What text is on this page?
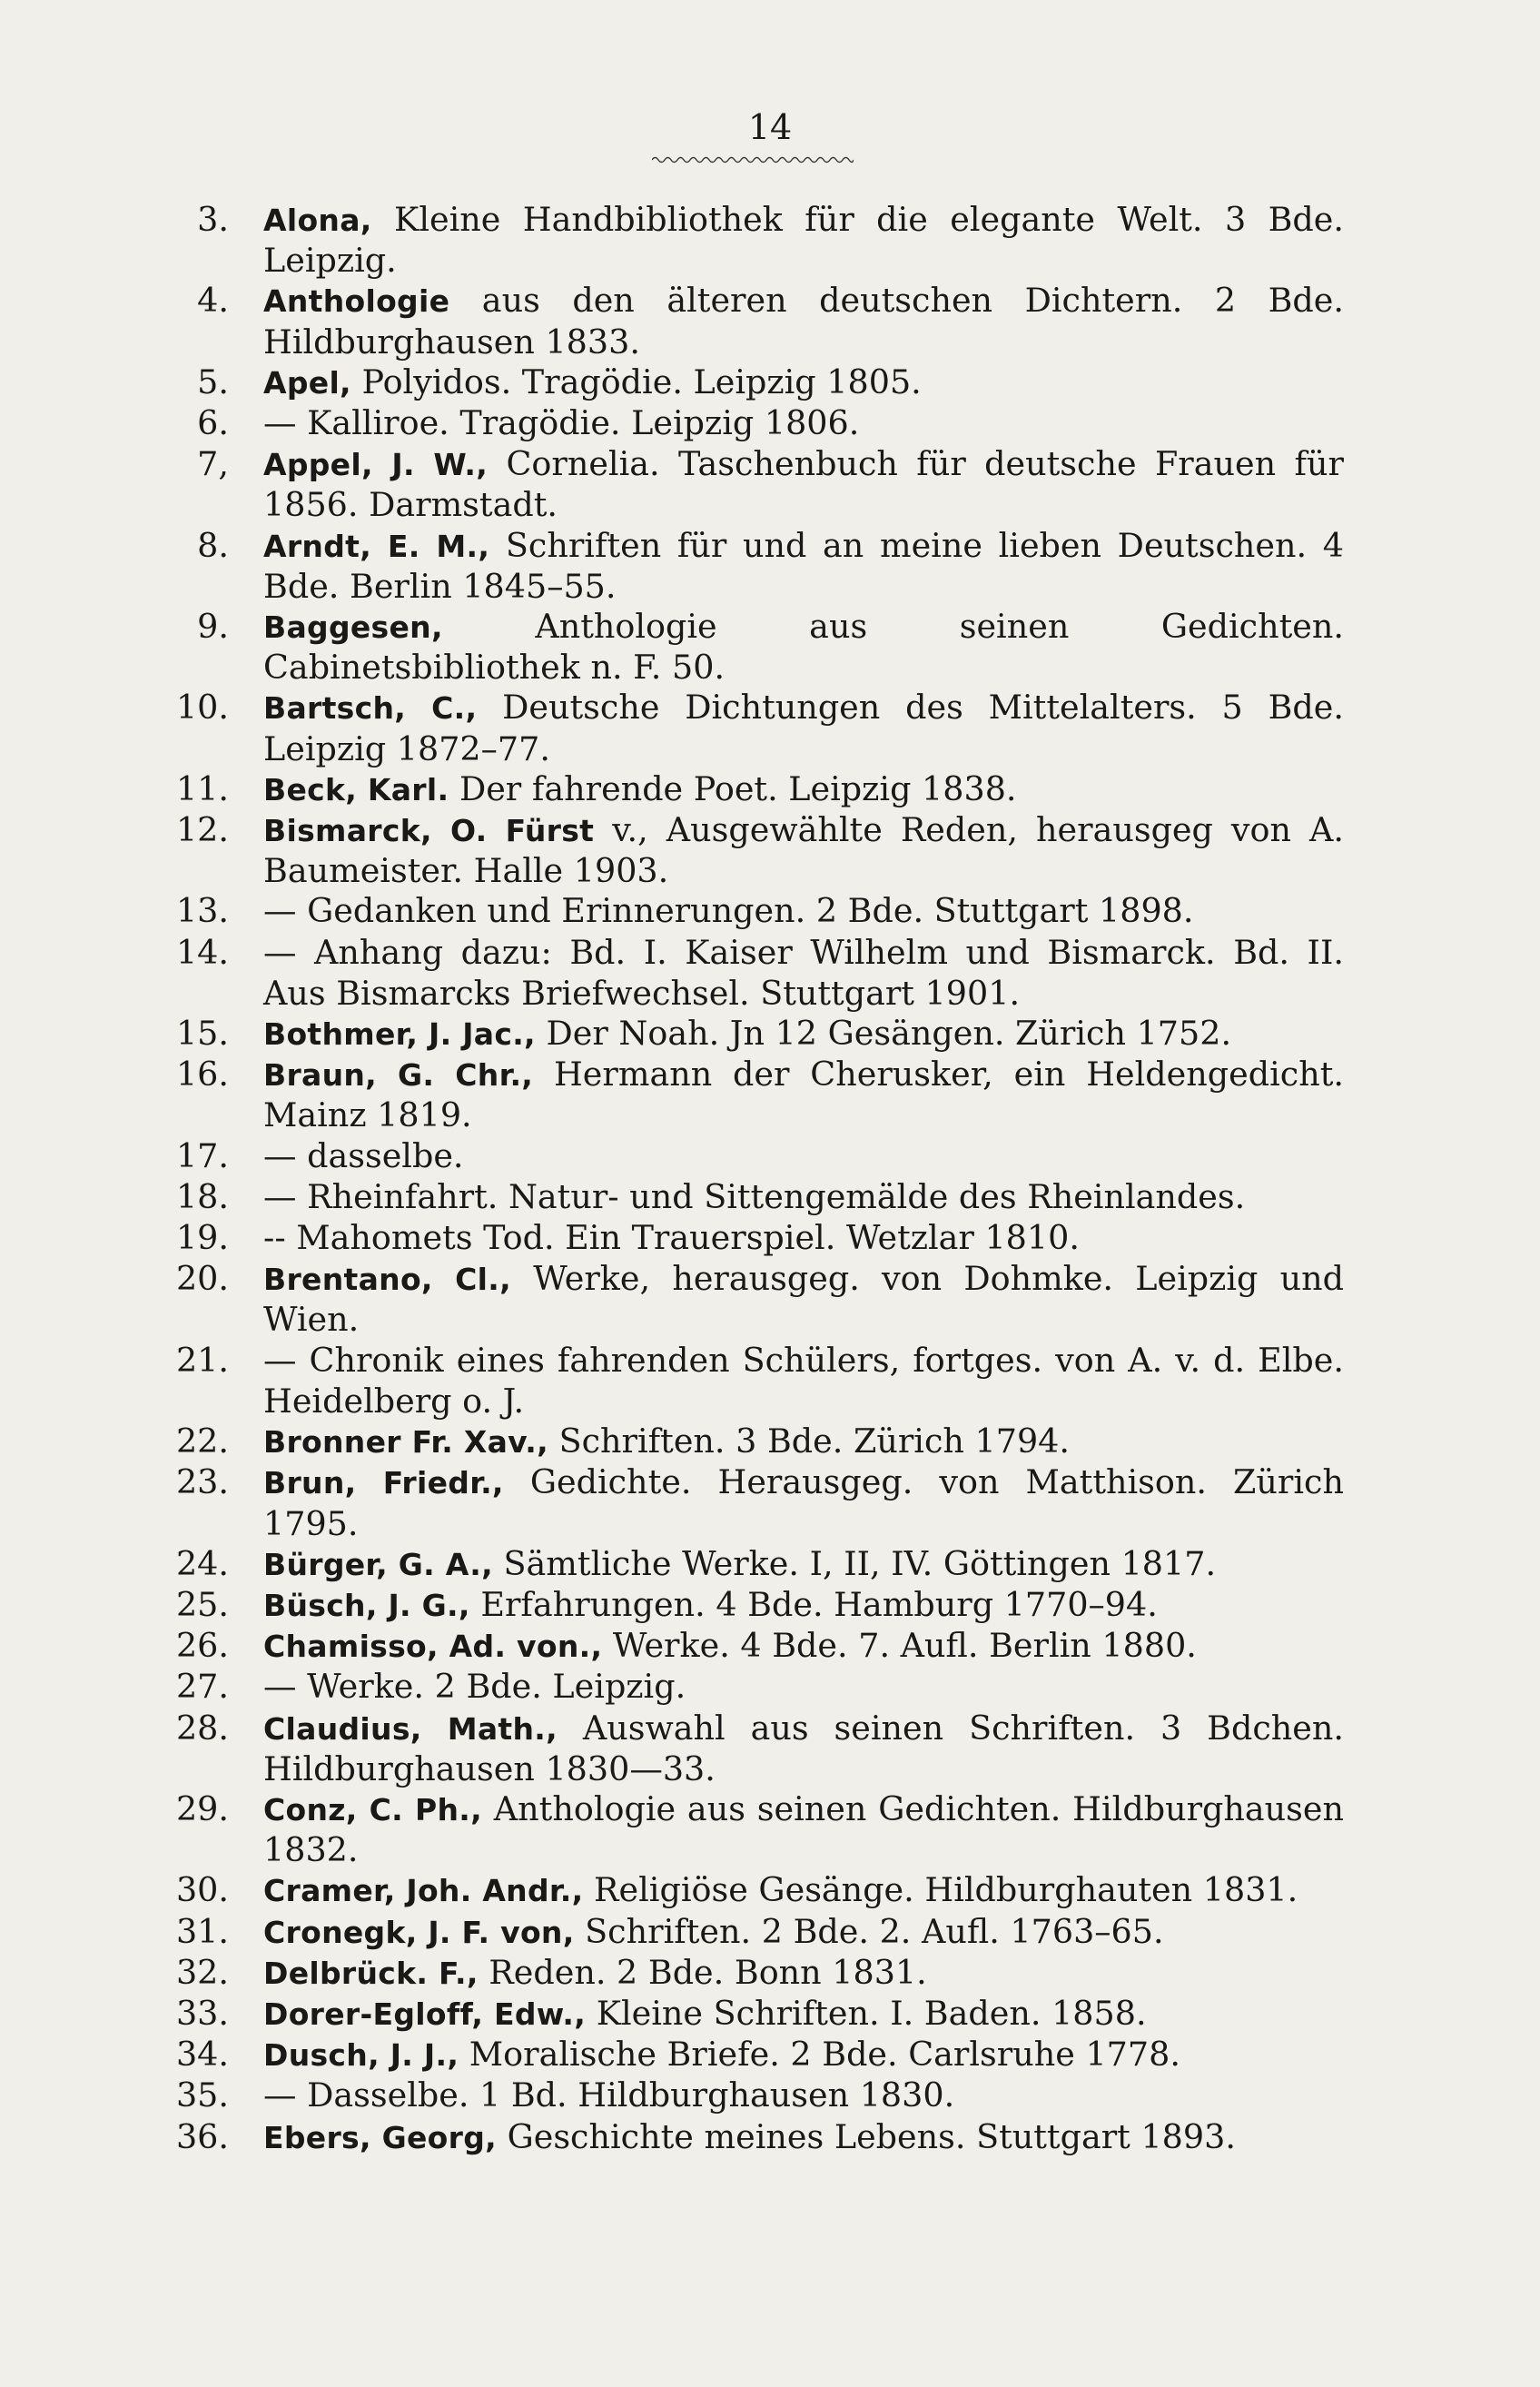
14
3. Alona, Kleine Handbibliothek für die elegante Welt. 3 Bde. Leipzig.
4. Anthologie aus den älteren deutschen Dichtern. 2 Bde. Hildburghausen 1833.
5. Apel, Polyidos. Tragödie. Leipzig 1805.
6. — Kalliroe. Tragödie. Leipzig 1806.
7, Appel, J. W., Cornelia. Taschenbuch für deutsche Frauen für 1856. Darmstadt.
8. Arndt, E. M., Schriften für und an meine lieben Deutschen. 4 Bde. Berlin 1845–55.
9. Baggesen, Anthologie aus seinen Gedichten. Cabinetsbibliothek n. F. 50.
10. Bartsch, C., Deutsche Dichtungen des Mittelalters. 5 Bde. Leipzig 1872–77.
11. Beck, Karl. Der fahrende Poet. Leipzig 1838.
12. Bismarck, O. Fürst v., Ausgewählte Reden, herausgeg von A. Baumeister. Halle 1903.
13. — Gedanken und Erinnerungen. 2 Bde. Stuttgart 1898.
14. — Anhang dazu: Bd. I. Kaiser Wilhelm und Bismarck. Bd. II. Aus Bismarcks Briefwechsel. Stuttgart 1901.
15. Bothmer, J. Jac., Der Noah. Jn 12 Gesängen. Zürich 1752.
16. Braun, G. Chr., Hermann der Cherusker, ein Heldengedicht. Mainz 1819.
17. — dasselbe.
18. — Rheinfahrt. Natur- und Sittengemälde des Rheinlandes.
19. -- Mahomets Tod. Ein Trauerspiel. Wetzlar 1810.
20. Brentano, Cl., Werke, herausgeg. von Dohmke. Leipzig und Wien.
21. — Chronik eines fahrenden Schülers, fortges. von A. v. d. Elbe. Heidelberg o. J.
22. Bronner Fr. Xav., Schriften. 3 Bde. Zürich 1794.
23. Brun, Friedr., Gedichte. Herausgeg. von Matthison. Zürich 1795.
24. Bürger, G. A., Sämtliche Werke. I, II, IV. Göttingen 1817.
25. Büsch, J. G., Erfahrungen. 4 Bde. Hamburg 1770–94.
26. Chamisso, Ad. von., Werke. 4 Bde. 7. Aufl. Berlin 1880.
27. — Werke. 2 Bde. Leipzig.
28. Claudius, Math., Auswahl aus seinen Schriften. 3 Bdchen. Hildburghausen 1830—33.
29. Conz, C. Ph., Anthologie aus seinen Gedichten. Hildburghausen 1832.
30. Cramer, Joh. Andr., Religiöse Gesänge. Hildburghauten 1831.
31. Cronegk, J. F. von, Schriften. 2 Bde. 2. Aufl. 1763–65.
32. Delbrück. F., Reden. 2 Bde. Bonn 1831.
33. Dorer-Egloff, Edw., Kleine Schriften. I. Baden. 1858.
34. Dusch, J. J., Moralische Briefe. 2 Bde. Carlsruhe 1778.
35. — Dasselbe. 1 Bd. Hildburghausen 1830.
36. Ebers, Georg, Geschichte meines Lebens. Stuttgart 1893.
